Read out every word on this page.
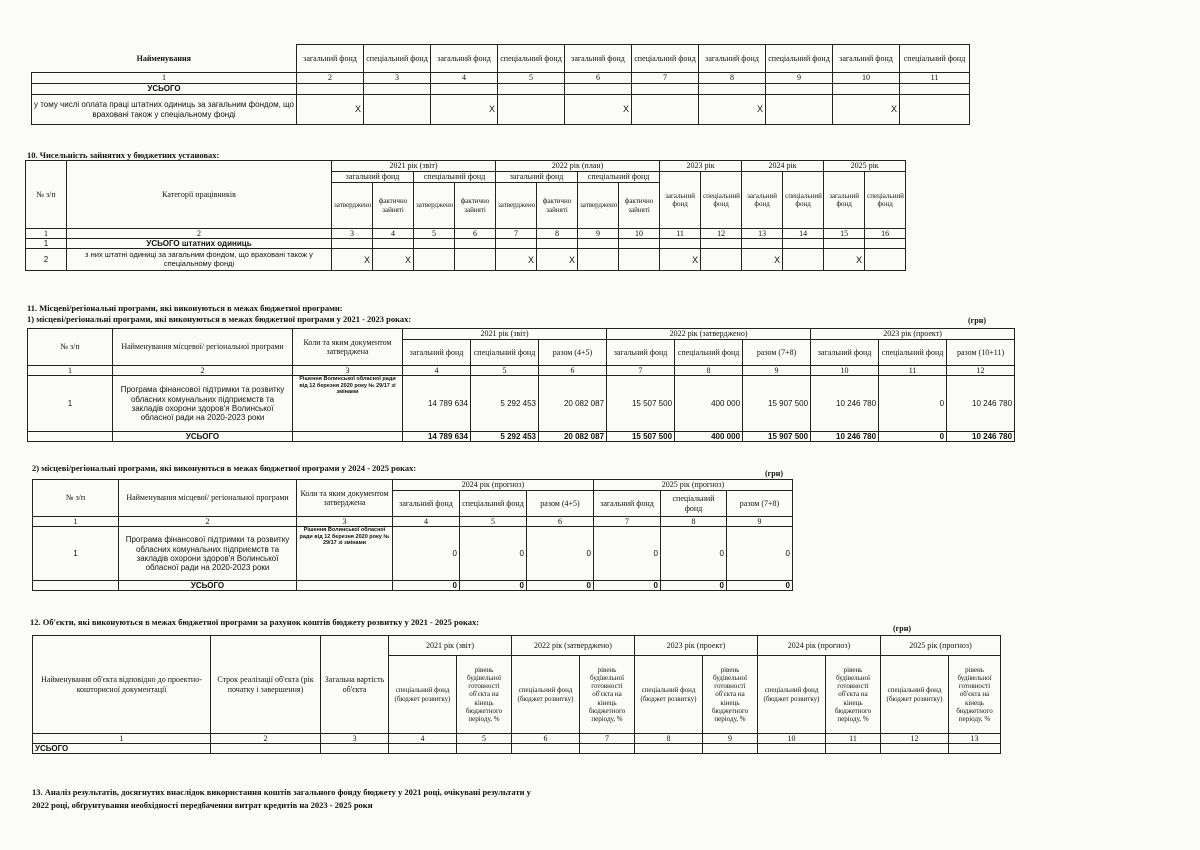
Найменування	загальний фонд	спеціальний фонд	загальний фонд	спеціальний фонд	загальний фонд	спеціальний фонд	загальний фонд	спеціальний фонд	загальний фонд	спеціальний фонд
1	2	3	4	5	6	7	8	9	10	11
УСЬОГО										
у тому числі оплата праці штатних одиниць за загальним фондом, що враховані також у спеціальному фонді	X		X		X		X		X	
10. Чисельність зайнятих у бюджетних установах:
№ з/п	Категорії працівників	2021 рік (звіт)				2022 рік (план)				2023 рік		2024 рік		2025 рік	
		загальний фонд		спеціальний фонд		загальний фонд		спеціальний фонд		загальний фонд	спеціальний фонд	загальний фонд	спеціальний фонд	загальний фонд	спеціальний фонд
		затверджено	фактично зайняті	затверджено	фактично зайняті	затверджено	фактично зайняті	затверджено	фактично зайняті						
1	2	3	4	5	6	7	8	9	10	11	12	13	14	15	16
1	УСЬОГО штатних одиниць														
2	з них штатні одиниці за загальним фондом, що враховані також у спеціальному фонді	X	X			X	X			X		X		X	
11. Місцеві/регіональні програми, які виконуються в межах бюджетної програми:
1) місцеві/регіональні програми, які виконуються в межах бюджетної програми у 2021 - 2023 роках:	(грн)
№ з/п	Найменування місцевої/ регіональної програми	Коли та яким документом затверджена	2021 рік (звіт)			2022 рік (затверджено)			2023 рік (проект)		
			загальний фонд	спеціальний фонд	разом (4+5)	загальний фонд	спеціальний фонд	разом (7+8)	загальний фонд	спеціальний фонд	разом (10+11)
1	2	3	4	5	6	7	8	9	10	11	12
1	Програма фінансової підтримки та розвитку обласних комунальних підприємств та закладів охорони здоров'я Волинської обласної ради на 2020-2023 роки	Рішення Волинської обласної ради від 12 березня 2020 року № 29/17 зі змінами	14 789 634	5 292 453	20 082 087	15 507 500	400 000	15 907 500	10 246 780	0	10 246 780
	УСЬОГО		14 789 634	5 292 453	20 082 087	15 507 500	400 000	15 907 500	10 246 780	0	10 246 780
2) місцеві/регіональні програми, які виконуються в межах бюджетної програми у 2024 - 2025 роках:
(грн)
№ з/п	Найменування місцевої/ регіональної програми	Коли та яким документом затверджена	2024 рік (прогноз)			2025 рік (прогноз)		
			загальний фонд	спеціальний фонд	разом (4+5)	загальний фонд	спеціальний фонд	разом (7+8)
1	2	3	4	5	6	7	8	9
1	Програма фінансової підтримки та розвитку обласних комунальних підприємств та закладів охорони здоров'я Волинської обласної ради на 2020-2023 роки	Рішення Волинської обласної ради від 12 березня 2020 року № 29/17 зі змінами	0	0	0	0	0	0
	УСЬОГО		0	0	0	0	0	0
12. Об'єкти, які виконуються в межах бюджетної програми за рахунок коштів бюджету розвитку у 2021 - 2025 роках:
(грн)
Найменування об'єкта відповідно до проектно-кошторисної документації	Строк реалізації об'єкта (рік початку і завершення)	Загальна вартість об'єкта	2021 рік (звіт)		2022 рік (затверджено)		2023 рік (проект)		2024 рік (прогноз)		2025 рік (прогноз)	
			спеціальний фонд (бюджет розвитку)	рівень будівельної готовності об'єкта на кінець бюджетного періоду, %	спеціальний фонд (бюджет розвитку)	рівень будівельної готовності об'єкта на кінець бюджетного періоду, %	спеціальний фонд (бюджет розвитку)	рівень будівельної готовності об'єкта на кінець бюджетного періоду, %	спеціальний фонд (бюджет розвитку)	рівень будівельної готовності об'єкта на кінець бюджетного періоду, %	спеціальний фонд (бюджет розвитку)	рівень будівельної готовності об'єкта на кінець бюджетного періоду, %
1	2	3	4	5	6	7	8	9	10	11	12	13
УСЬОГО												
13. Аналіз результатів, досягнутих внаслідок використання коштів загального фонду бюджету у 2021 році, очікувані результати у
2022 році, обґрунтування необхідності передбачення витрат кредитів на 2023 - 2025 роки
